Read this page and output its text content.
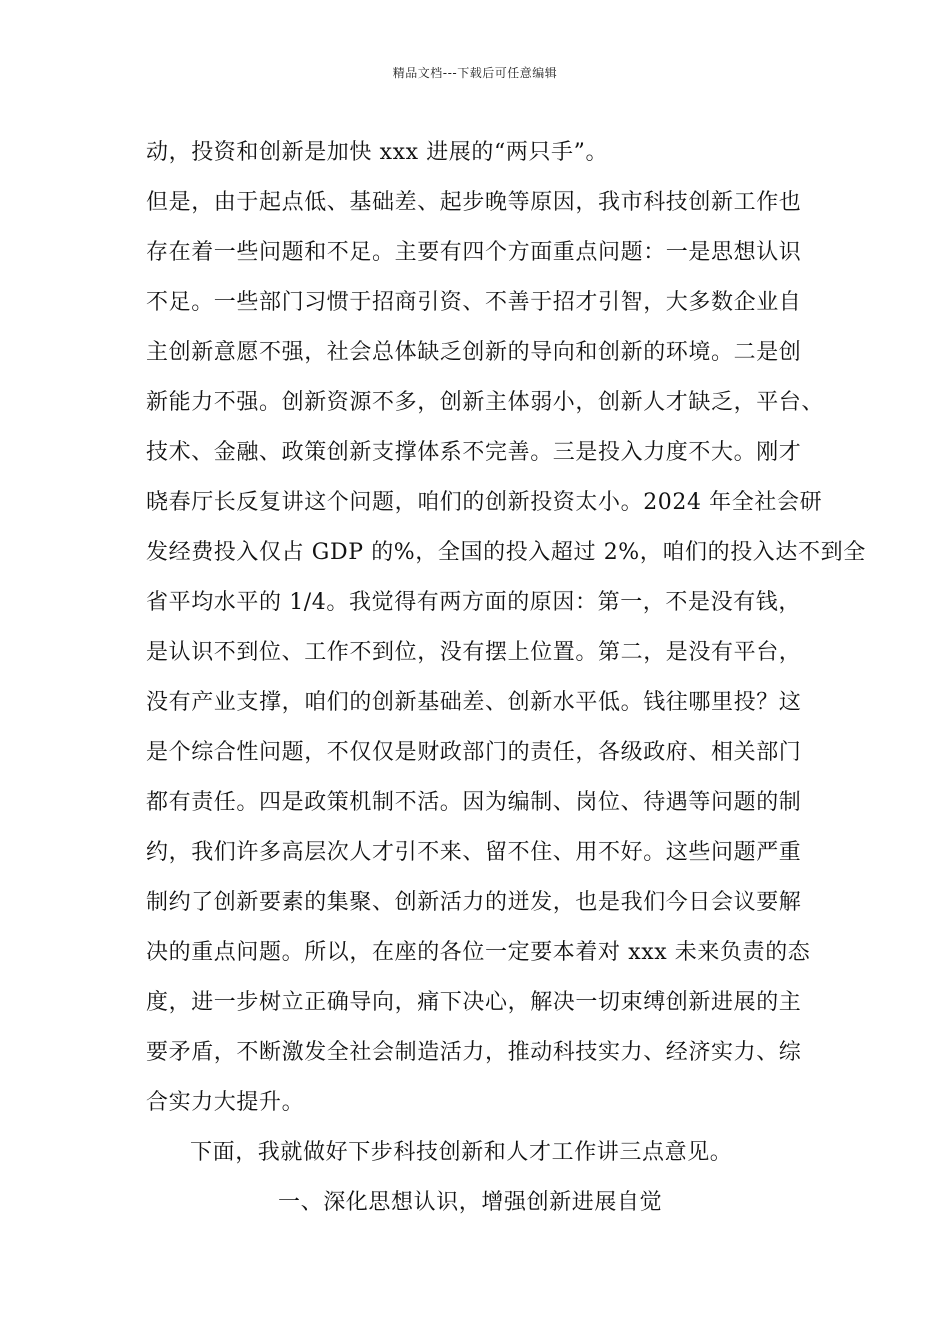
精品文档---下载后可任意编辑
动，投资和创新是加快 xxx 进展的“两只手”。
但是，由于起点低、基础差、起步晚等原因，我市科技创新工作也
存在着一些问题和不足。主要有四个方面重点问题：一是思想认识
不足。一些部门习惯于招商引资、不善于招才引智，大多数企业自
主创新意愿不强，社会总体缺乏创新的导向和创新的环境。二是创
新能力不强。创新资源不多，创新主体弱小，创新人才缺乏，平台、
技术、金融、政策创新支撑体系不完善。三是投入力度不大。刚才
晓春厅长反复讲这个问题，咱们的创新投资太小。2024 年全社会研
发经费投入仅占 GDP 的%，全国的投入超过 2%，咱们的投入达不到全
省平均水平的 1/4。我觉得有两方面的原因：第一，不是没有钱，
是认识不到位、工作不到位，没有摆上位置。第二，是没有平台，
没有产业支撑，咱们的创新基础差、创新水平低。钱往哪里投？这
是个综合性问题，不仅仅是财政部门的责任，各级政府、相关部门
都有责任。四是政策机制不活。因为编制、岗位、待遇等问题的制
约，我们许多高层次人才引不来、留不住、用不好。这些问题严重
制约了创新要素的集聚、创新活力的迸发，也是我们今日会议要解
决的重点问题。所以，在座的各位一定要本着对 xxx 未来负责的态
度，进一步树立正确导向，痛下决心，解决一切束缚创新进展的主
要矛盾，不断激发全社会制造活力，推动科技实力、经济实力、综
合实力大提升。
下面，我就做好下步科技创新和人才工作讲三点意见。
一、深化思想认识，增强创新进展自觉
